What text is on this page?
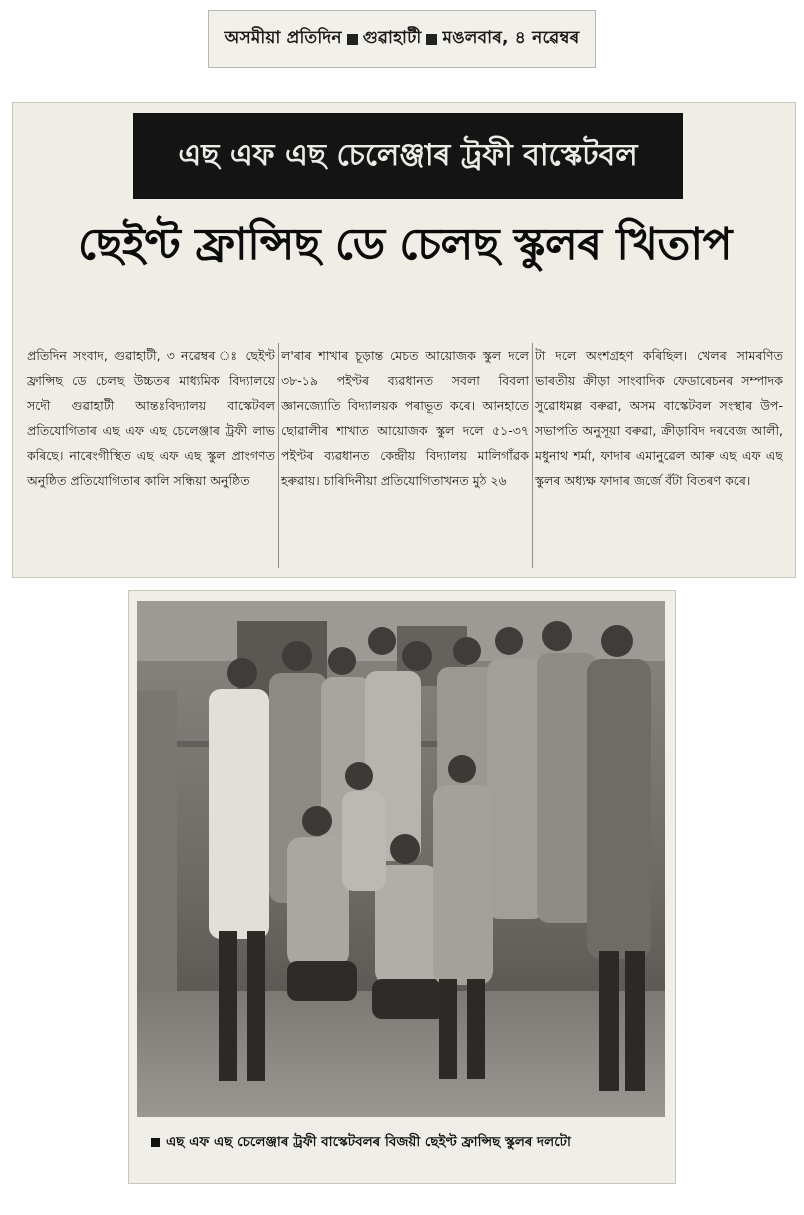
অসমীয়া প্ৰতিদিন গুৱাহাটী মঙলবাৰ, ৪ নৱেম্বৰ
এছ এফ এছ চেলেঞ্জাৰ ট্ৰফী বাস্কেটবল
ছেইণ্ট ফ্ৰান্সিছ ডে চেলছ স্কুলৰ খিতাপ
প্ৰতিদিন সংবাদ, গুৱাহাটী, ৩ নৱেম্বৰ ঃ ছেইণ্ট ফ্ৰান্সিছ ডে চেলছ উচ্চতৰ মাধ্যমিক বিদ্যালয়ে সদৌ গুৱাহাটী আন্তঃবিদ্যালয় বাস্কেটবল প্ৰতিযোগিতাৰ এছ এফ এছ চেলেঞ্জাৰ ট্ৰফী লাভ কৰিছে। নাৰেংগীস্থিত এছ এফ এছ স্কুল প্ৰাংগণত অনুষ্ঠিত প্ৰতিযোগিতাৰ কালি সন্ধিয়া অনুষ্ঠিত
ল'ৰাৰ শাখাৰ চূড়ান্ত মেচত আয়োজক স্কুল দলে ৩৮-১৯ পইণ্টৰ ব্যৱধানত সবলা বিবলা জ্ঞানজ্যোতি বিদ্যালয়ক পৰাভূত কৰে। আনহাতে ছোৱালীৰ শাখাত আয়োজক স্কুল দলে ৫১-৩৭ পইণ্টৰ ব্যৱধানত কেন্দ্ৰীয় বিদ্যালয় মালিগাঁৱক হৰুৱায়। চাৰিদিনীয়া প্ৰতিযোগিতাখনত মুঠ ২৬
টা দলে অংশগ্ৰহণ কৰিছিল। খেলৰ সামৰণিত ভাৰতীয় ক্ৰীড়া সাংবাদিক ফেডাৰেচনৰ সম্পাদক সুৱোধমল্ল বৰুৱা, অসম বাস্কেটবল সংস্থাৰ উপ-সভাপতি অনুসূয়া বৰুৱা, ক্ৰীড়াবিদ দৰবেজ আলী, মধুনাথ শৰ্মা, ফাদাৰ এমানুৱেল আৰু এছ এফ এছ স্কুলৰ অধ্যক্ষ ফাদাৰ জৰ্জে বঁটা বিতৰণ কৰে।
এছ এফ এছ চেলেঞ্জাৰ ট্ৰফী বাস্কেটবলৰ বিজয়ী ছেইণ্ট ফ্ৰান্সিছ স্কুলৰ দলটো
